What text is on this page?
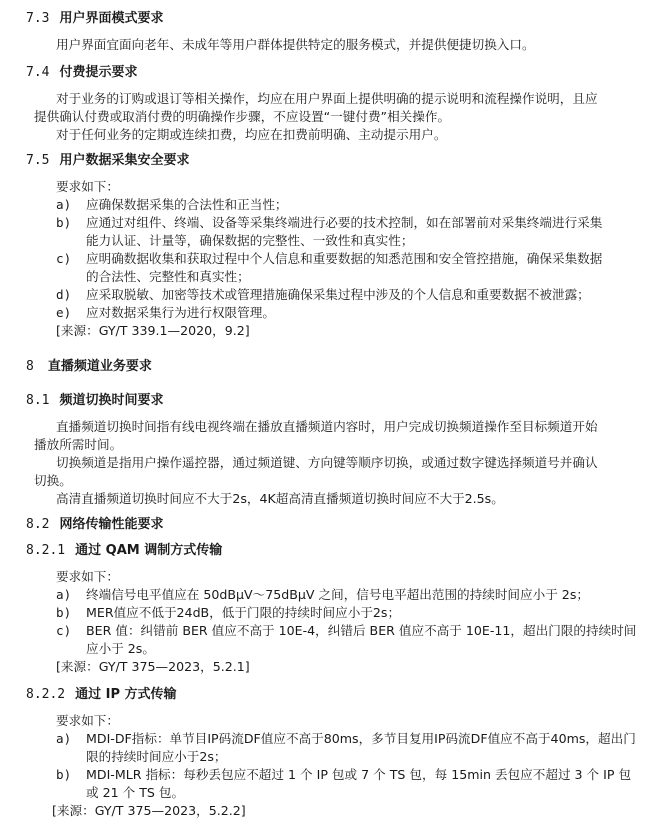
7.3 用户界面模式要求
用户界面宜面向老年、未成年等用户群体提供特定的服务模式，并提供便捷切换入口。
7.4 付费提示要求
对于业务的订购或退订等相关操作，均应在用户界面上提供明确的提示说明和流程操作说明，且应
提供确认付费或取消付费的明确操作步骤，不应设置“一键付费”相关操作。
对于任何业务的定期或连续扣费，均应在扣费前明确、主动提示用户。
7.5 用户数据采集安全要求
要求如下：
a)	应确保数据采集的合法性和正当性；
b)	应通过对组件、终端、设备等采集终端进行必要的技术控制，如在部署前对采集终端进行采集
能力认证、计量等，确保数据的完整性、一致性和真实性；
c)	应明确数据收集和获取过程中个人信息和重要数据的知悉范围和安全管控措施，确保采集数据
的合法性、完整性和真实性；
d)	应采取脱敏、加密等技术或管理措施确保采集过程中涉及的个人信息和重要数据不被泄露；
e)	应对数据采集行为进行权限管理。
[来源：GY/T 339.1—2020，9.2]
8 直播频道业务要求
8.1 频道切换时间要求
直播频道切换时间指有线电视终端在播放直播频道内容时，用户完成切换频道操作至目标频道开始
播放所需时间。
切换频道是指用户操作遥控器，通过频道键、方向键等顺序切换，或通过数字键选择频道号并确认
切换。
高清直播频道切换时间应不大于2s，4K超高清直播频道切换时间应不大于2.5s。
8.2 网络传输性能要求
8.2.1 通过 QAM 调制方式传输
要求如下：
a)	终端信号电平值应在 50dBμV～75dBμV 之间，信号电平超出范围的持续时间应小于 2s；
b)	MER值应不低于24dB，低于门限的持续时间应小于2s；
c)	BER 值：纠错前 BER 值应不高于 10E-4，纠错后 BER 值应不高于 10E-11，超出门限的持续时间
应小于 2s。
[来源：GY/T 375—2023，5.2.1]
8.2.2 通过 IP 方式传输
要求如下：
a)	MDI-DF指标：单节目IP码流DF值应不高于80ms，多节目复用IP码流DF值应不高于40ms，超出门
限的持续时间应小于2s；
b)	MDI-MLR 指标：每秒丢包应不超过 1 个 IP 包或 7 个 TS 包，每 15min 丢包应不超过 3 个 IP 包
或 21 个 TS 包。
[来源：GY/T 375—2023，5.2.2]
